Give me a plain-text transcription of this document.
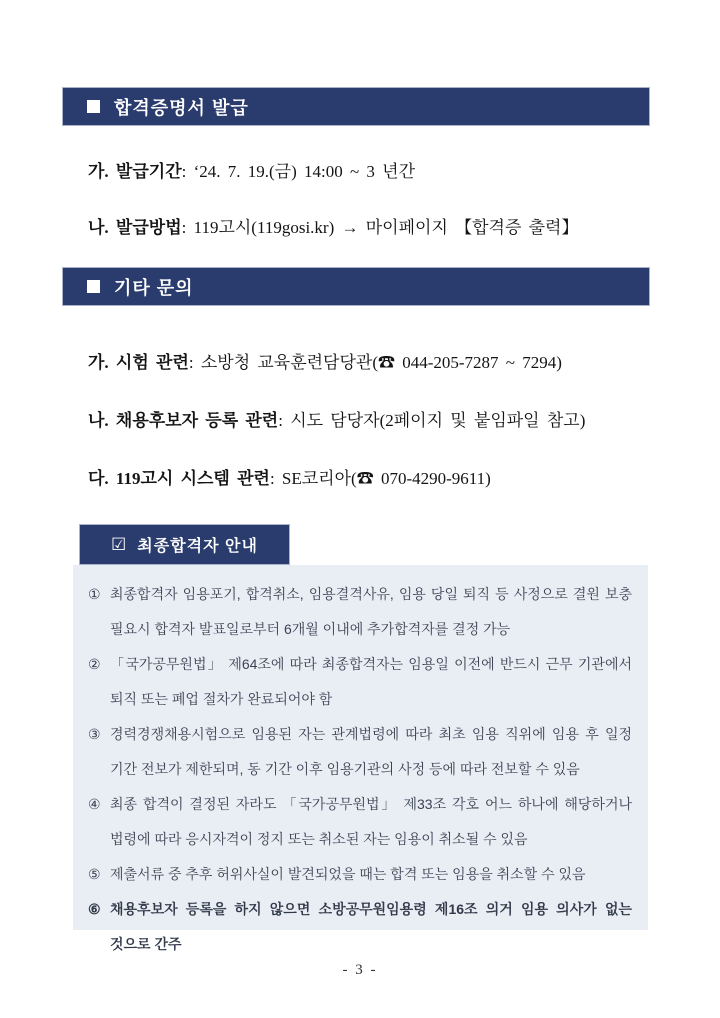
합격증명서 발급

가. 발급기간: ‘24. 7. 19.(금) 14:00 ~ 3 년간

나. 발급방법: 119고시(119gosi.kr) → 마이페이지 【합격증 출력】

기타 문의

가. 시험 관련: 소방청 교육훈련담당관(☎ 044-205-7287 ~ 7294)

나. 채용후보자 등록 관련: 시도 담당자(2페이지 및 붙임파일 참고)

다. 119고시 시스템 관련: SE코리아(☎ 070-4290-9611)

☑ 최종합격자 안내
① 최종합격자 임용포기, 합격취소, 임용결격사유, 임용 당일 퇴직 등 사정으로 결원 보충 필요시 합격자 발표일로부터 6개월 이내에 추가합격자를 결정 가능
② 「국가공무원법」 제64조에 따라 최종합격자는 임용일 이전에 반드시 근무 기관에서 퇴직 또는 폐업 절차가 완료되어야 함
③ 경력경쟁채용시험으로 임용된 자는 관계법령에 따라 최초 임용 직위에 임용 후 일정 기간 전보가 제한되며, 동 기간 이후 임용기관의 사정 등에 따라 전보할 수 있음
④ 최종 합격이 결정된 자라도 「국가공무원법」 제33조 각호 어느 하나에 해당하거나 법령에 따라 응시자격이 정지 또는 취소된 자는 임용이 취소될 수 있음
⑤ 제출서류 중 추후 허위사실이 발견되었을 때는 합격 또는 임용을 취소할 수 있음
⑥ 채용후보자 등록을 하지 않으면 소방공무원임용령 제16조 의거 임용 의사가 없는 것으로 간주
- 3 -
